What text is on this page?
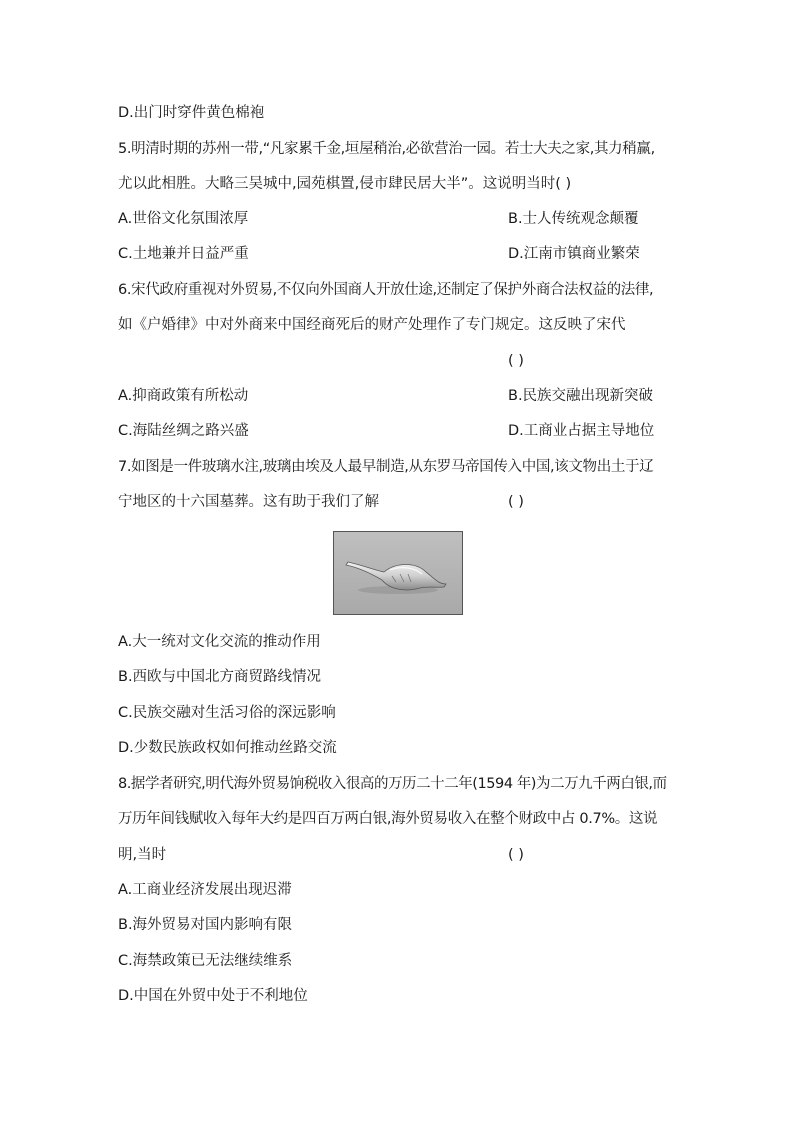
D.出门时穿件黄色棉袍
5.明清时期的苏州一带,“凡家累千金,垣屋稍治,必欲营治一园。若士大夫之家,其力稍赢,
尤以此相胜。大略三吴城中,园苑棋置,侵市肆民居大半”。这说明当时( )
A.世俗文化氛围浓厚	B.士人传统观念颠覆
C.土地兼并日益严重	D.江南市镇商业繁荣
6.宋代政府重视对外贸易,不仅向外国商人开放仕途,还制定了保护外商合法权益的法律,
如《户婚律》中对外商来中国经商死后的财产处理作了专门规定。这反映了宋代
( )
A.抑商政策有所松动	B.民族交融出现新突破
C.海陆丝绸之路兴盛	D.工商业占据主导地位
7.如图是一件玻璃水注,玻璃由埃及人最早制造,从东罗马帝国传入中国,该文物出土于辽
宁地区的十六国墓葬。这有助于我们了解	( )
A.大一统对文化交流的推动作用
B.西欧与中国北方商贸路线情况
C.民族交融对生活习俗的深远影响
D.少数民族政权如何推动丝路交流
8.据学者研究,明代海外贸易饷税收入很高的万历二十二年(1594 年)为二万九千两白银,而
万历年间钱赋收入每年大约是四百万两白银,海外贸易收入在整个财政中占 0.7%。这说
明,当时	( )
A.工商业经济发展出现迟滞
B.海外贸易对国内影响有限
C.海禁政策已无法继续维系
D.中国在外贸中处于不利地位
